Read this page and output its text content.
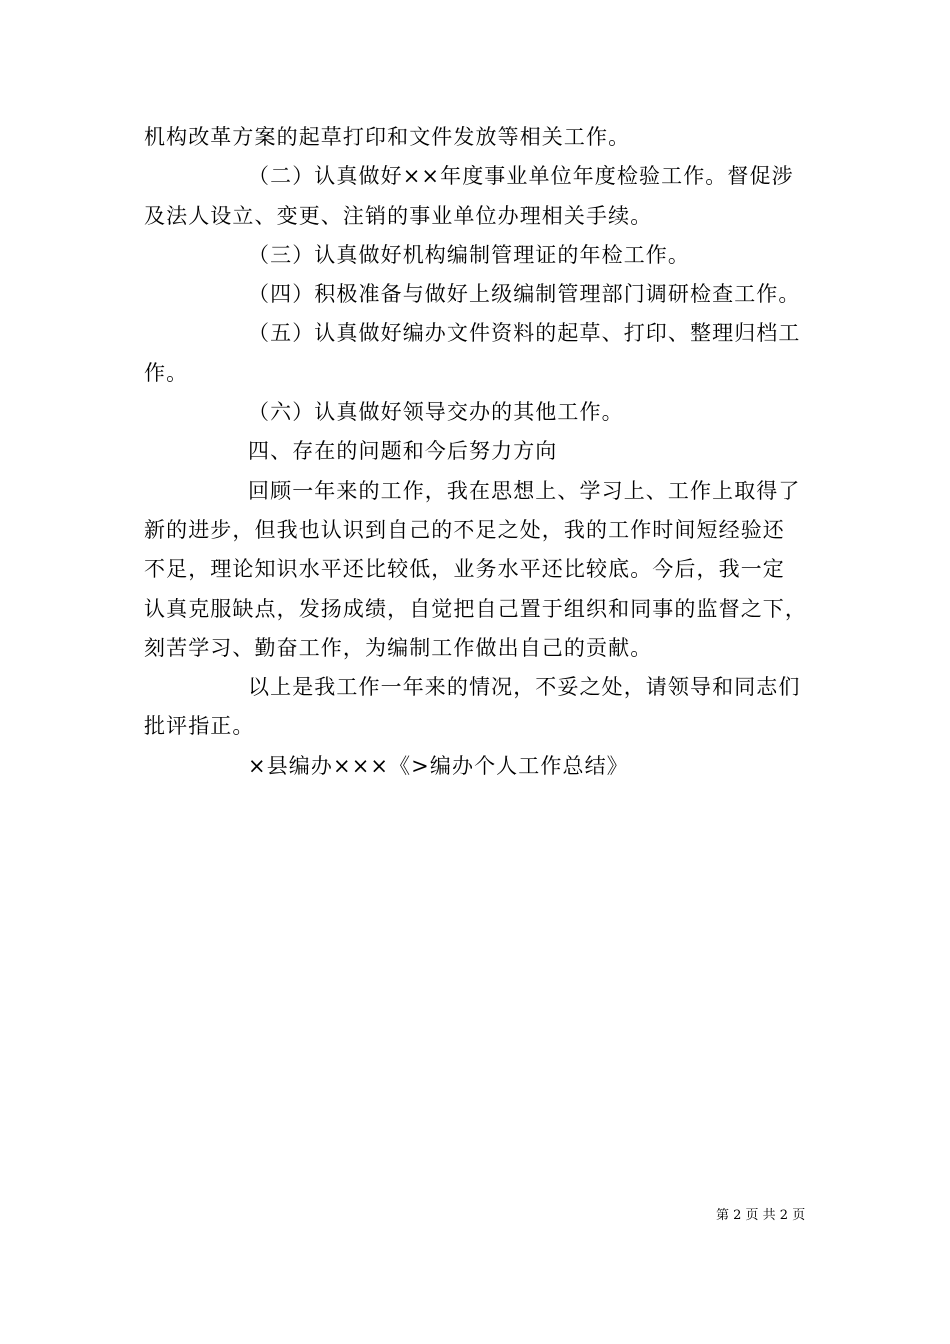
机构改革方案的起草打印和文件发放等相关工作。
（二）认真做好××年度事业单位年度检验工作。督促涉
及法人设立、变更、注销的事业单位办理相关手续。
（三）认真做好机构编制管理证的年检工作。
（四）积极准备与做好上级编制管理部门调研检查工作。
（五）认真做好编办文件资料的起草、打印、整理归档工
作。
（六）认真做好领导交办的其他工作。
四、存在的问题和今后努力方向
回顾一年来的工作，我在思想上、学习上、工作上取得了
新的进步，但我也认识到自己的不足之处，我的工作时间短经验还
不足，理论知识水平还比较低，业务水平还比较底。今后，我一定
认真克服缺点，发扬成绩，自觉把自己置于组织和同事的监督之下，
刻苦学习、勤奋工作，为编制工作做出自己的贡献。
以上是我工作一年来的情况，不妥之处，请领导和同志们
批评指正。
×县编办×××《>编办个人工作总结》
第 2 页 共 2 页
